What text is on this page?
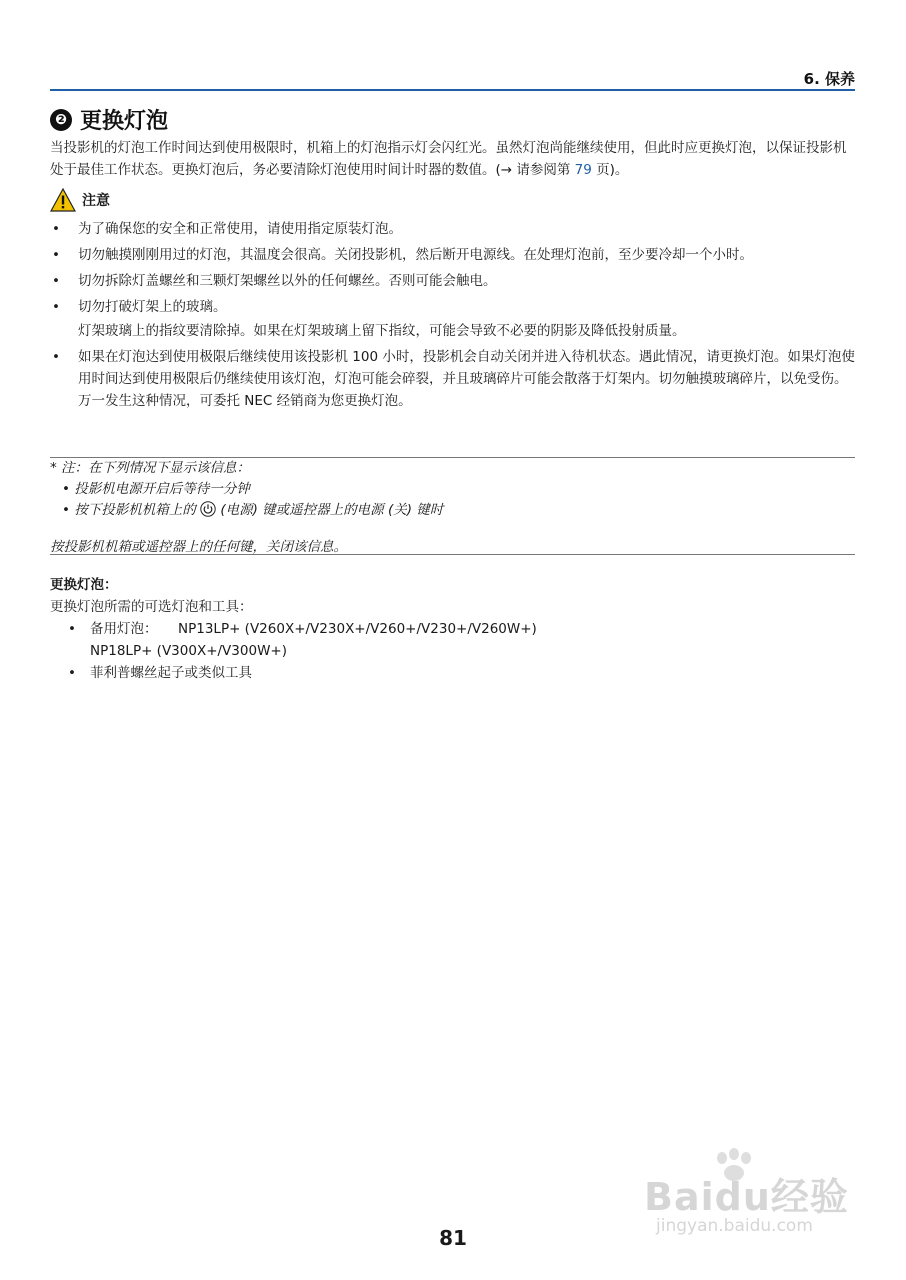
6. 保养
❷ 更换灯泡

当投影机的灯泡工作时间达到使用极限时，机箱上的灯泡指示灯会闪红光。虽然灯泡尚能继续使用，但此时应更换灯泡，以保证投影机处于最佳工作状态。更换灯泡后，务必要清除灯泡使用时间计时器的数值。(→ 请参阅第 79 页)。

注意
• 为了确保您的安全和正常使用，请使用指定原装灯泡。
• 切勿触摸刚刚用过的灯泡，其温度会很高。关闭投影机，然后断开电源线。在处理灯泡前，至少要冷却一个小时。
• 切勿拆除灯盖螺丝和三颗灯架螺丝以外的任何螺丝。否则可能会触电。
• 切勿打破灯架上的玻璃。
灯架玻璃上的指纹要清除掉。如果在灯架玻璃上留下指纹，可能会导致不必要的阴影及降低投射质量。
• 如果在灯泡达到使用极限后继续使用该投影机 100 小时，投影机会自动关闭并进入待机状态。遇此情况，请更换灯泡。如果灯泡使用时间达到使用极限后仍继续使用该灯泡，灯泡可能会碎裂，并且玻璃碎片可能会散落于灯架内。切勿触摸玻璃碎片，以免受伤。万一发生这种情况，可委托 NEC 经销商为您更换灯泡。
* 注：在下列情况下显示该信息：
• 投影机电源开启后等待一分钟
• 按下投影机机箱上的  (电源) 键或遥控器上的电源 (关) 键时
按投影机机箱或遥控器上的任何键，关闭该信息。
更换灯泡：
更换灯泡所需的可选灯泡和工具：
• 备用灯泡： NP13LP+ (V260X+/V230X+/V260+/V230+/V260W+)
NP18LP+ (V300X+/V300W+)
• 菲利普螺丝起子或类似工具
Baidu经验
jingyan.baidu.com
81
